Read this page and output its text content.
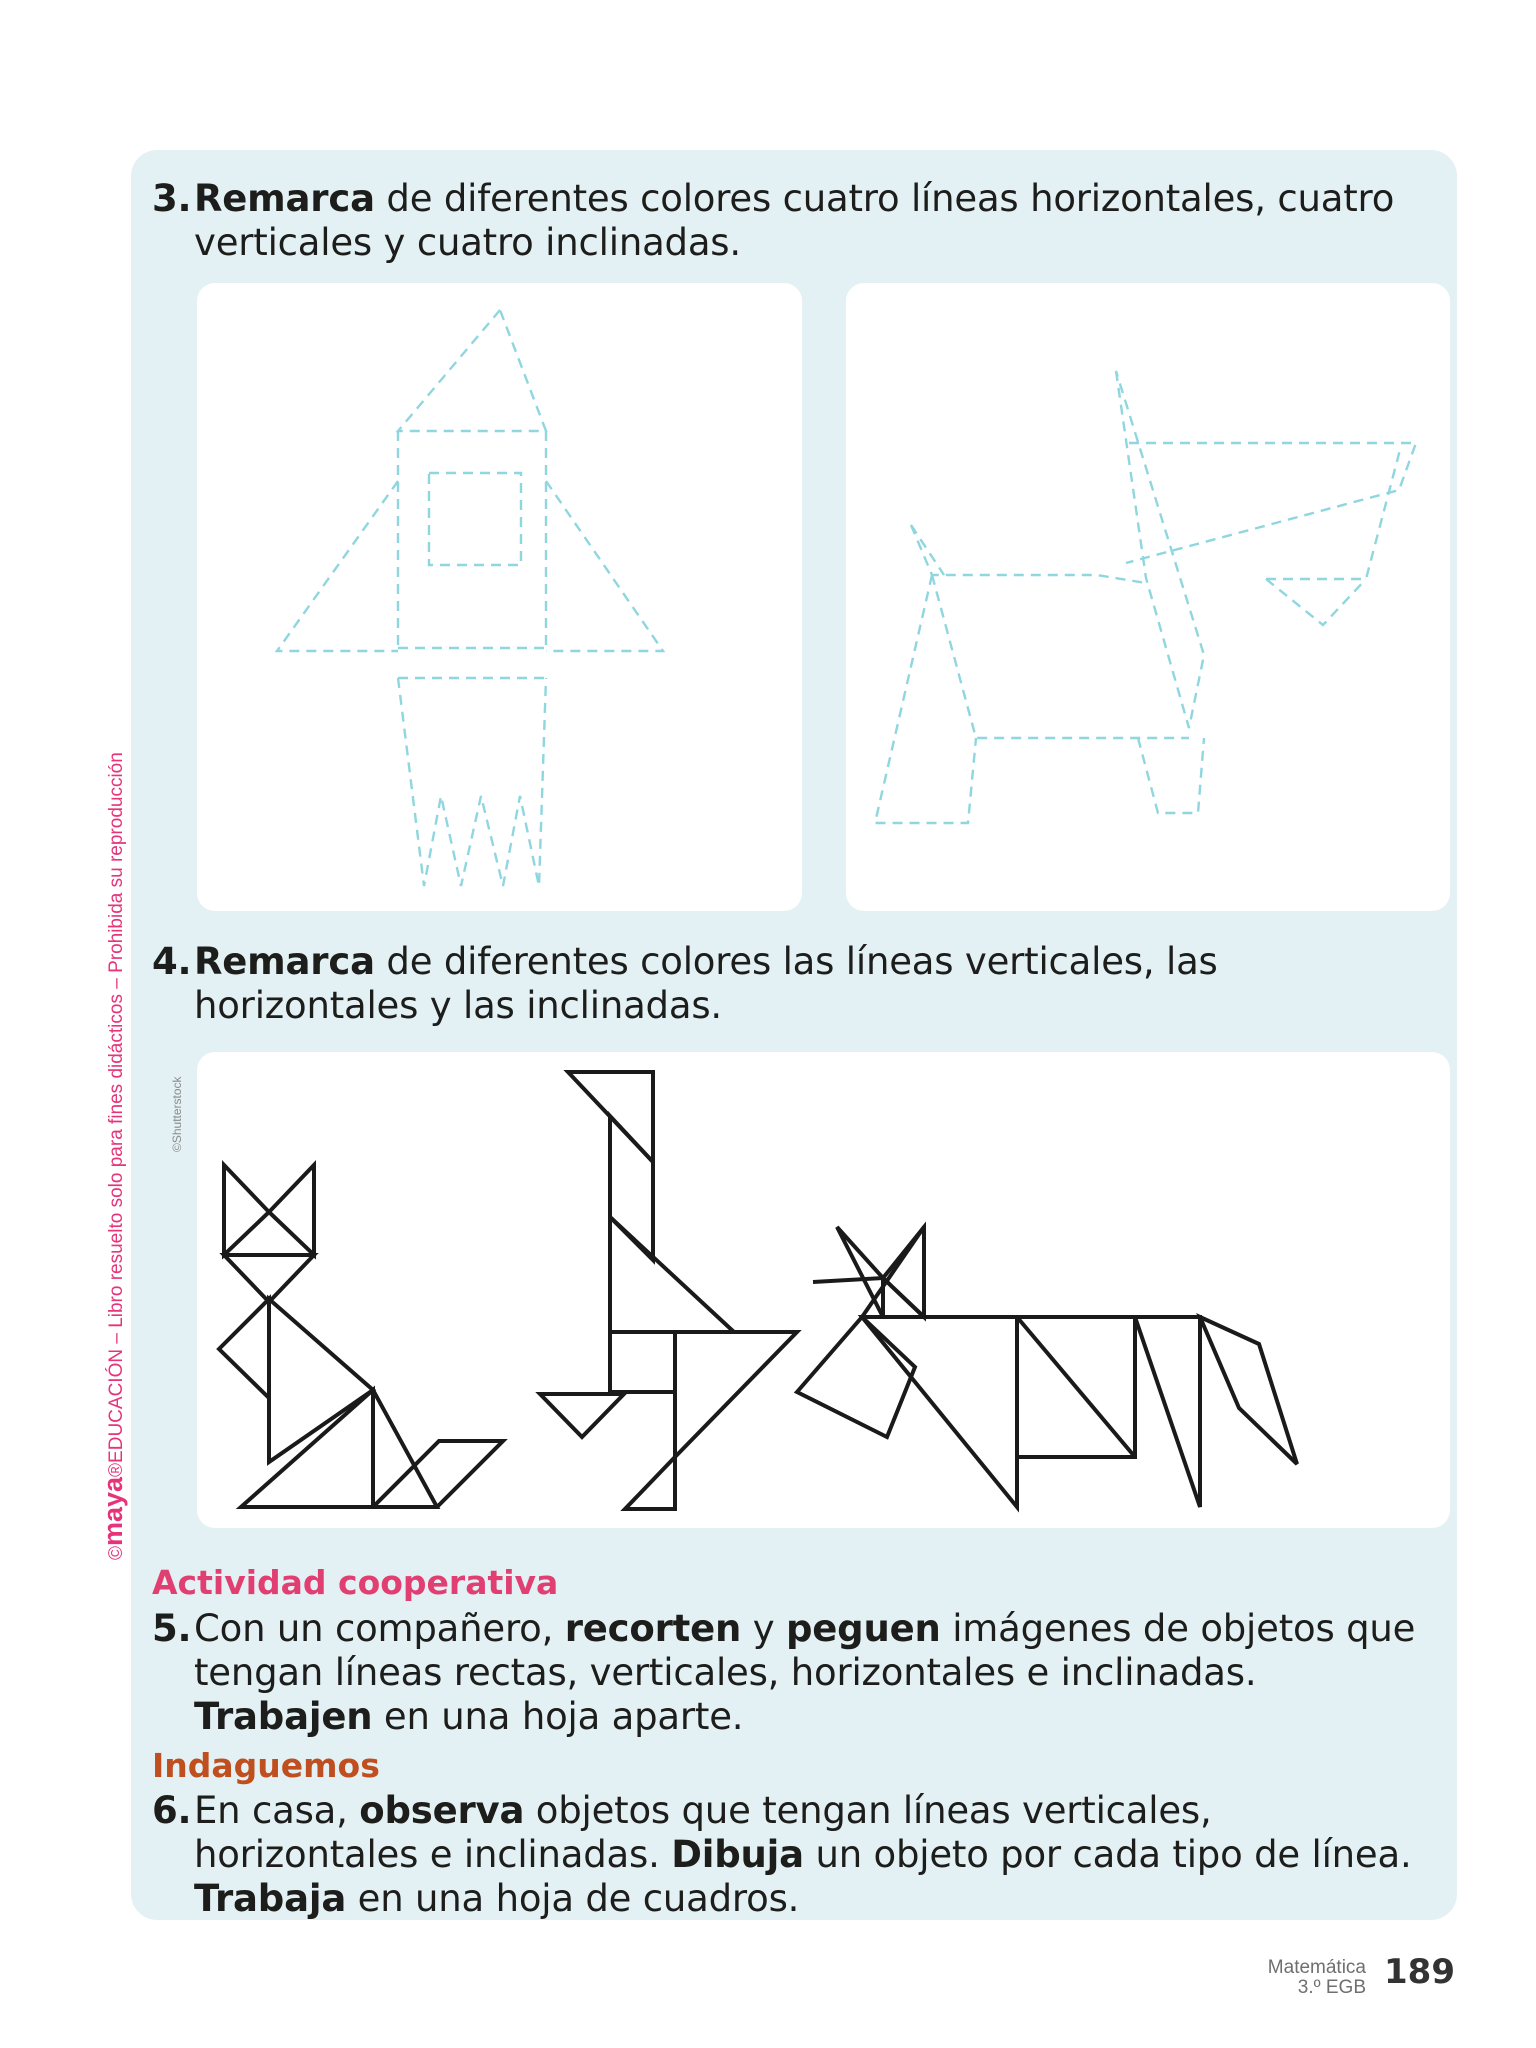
©maya®EDUCACIÓN – Libro resuelto solo para fines didácticos – Prohibida su reproducción
3. Remarca de diferentes colores cuatro líneas horizontales, cuatro verticales y cuatro inclinadas.
4. Remarca de diferentes colores las líneas verticales, las horizontales y las inclinadas.
©Shutterstock
Actividad cooperativa
5. Con un compañero, recorten y peguen imágenes de objetos que tengan líneas rectas, verticales, horizontales e inclinadas. Trabajen en una hoja aparte.
Indaguemos
6. En casa, observa objetos que tengan líneas verticales, horizontales e inclinadas. Dibuja un objeto por cada tipo de línea. Trabaja en una hoja de cuadros.
Matemática
3.º EGB 189
